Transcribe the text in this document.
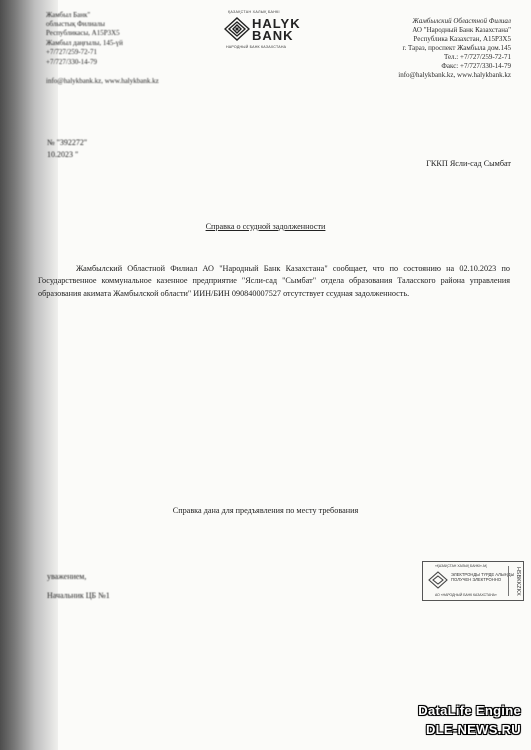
Жамбыл Банк"
облыстық Филиалы
Республикасы, A15P3X5
Жамбыл даңғылы, 145-үй
+7/727/259-72-71
+7/727/330-14-79
info@halykbank.kz, www.halykbank.kz
ҚАЗАҚСТАН ХАЛЫҚ БАНКІ
HALYK
BANK
НАРОДНЫЙ БАНК КАЗАХСТАНА
Жамбылский Областной Филиал
АО "Народный Банк Казахстана"
Республика Казахстан, A15P3X5
г. Тараз, проспект Жамбыла дом.145
Тел.: +7/727/259-72-71
Факс: +7/727/330-14-79
info@halykbank.kz, www.halykbank.kz
№ "392272"
10.2023 "
ГККП Ясли-сад Сымбат
Справка о ссудной задолженности
Жамбылский Областной Филиал АО "Народный Банк Казахстана" сообщает, что по состоянию на 02.10.2023 по Государственное коммунальное казенное предприятие "Ясли-сад "Сымбат" отдела образования Таласского района управления образования акимата Жамбылской области" ИИН/БИН 090840007527 отсутствует ссудная задолженность.
Справка дана для предъявления по месту требования
уважением,
Начальник ЦБ №1
«ҚАЗАҚСТАН ХАЛЫҚ БАНКІ» АҚ
ЭЛЕКТРОНДЫ ТҮРДЕ АЛЫНДЫ
ПОЛУЧЕН ЭЛЕКТРОННО
АО «НАРОДНЫЙ БАНК КАЗАХСТАНА»	HSBKKZKX
DataLife Engine
DLE-NEWS.RU
